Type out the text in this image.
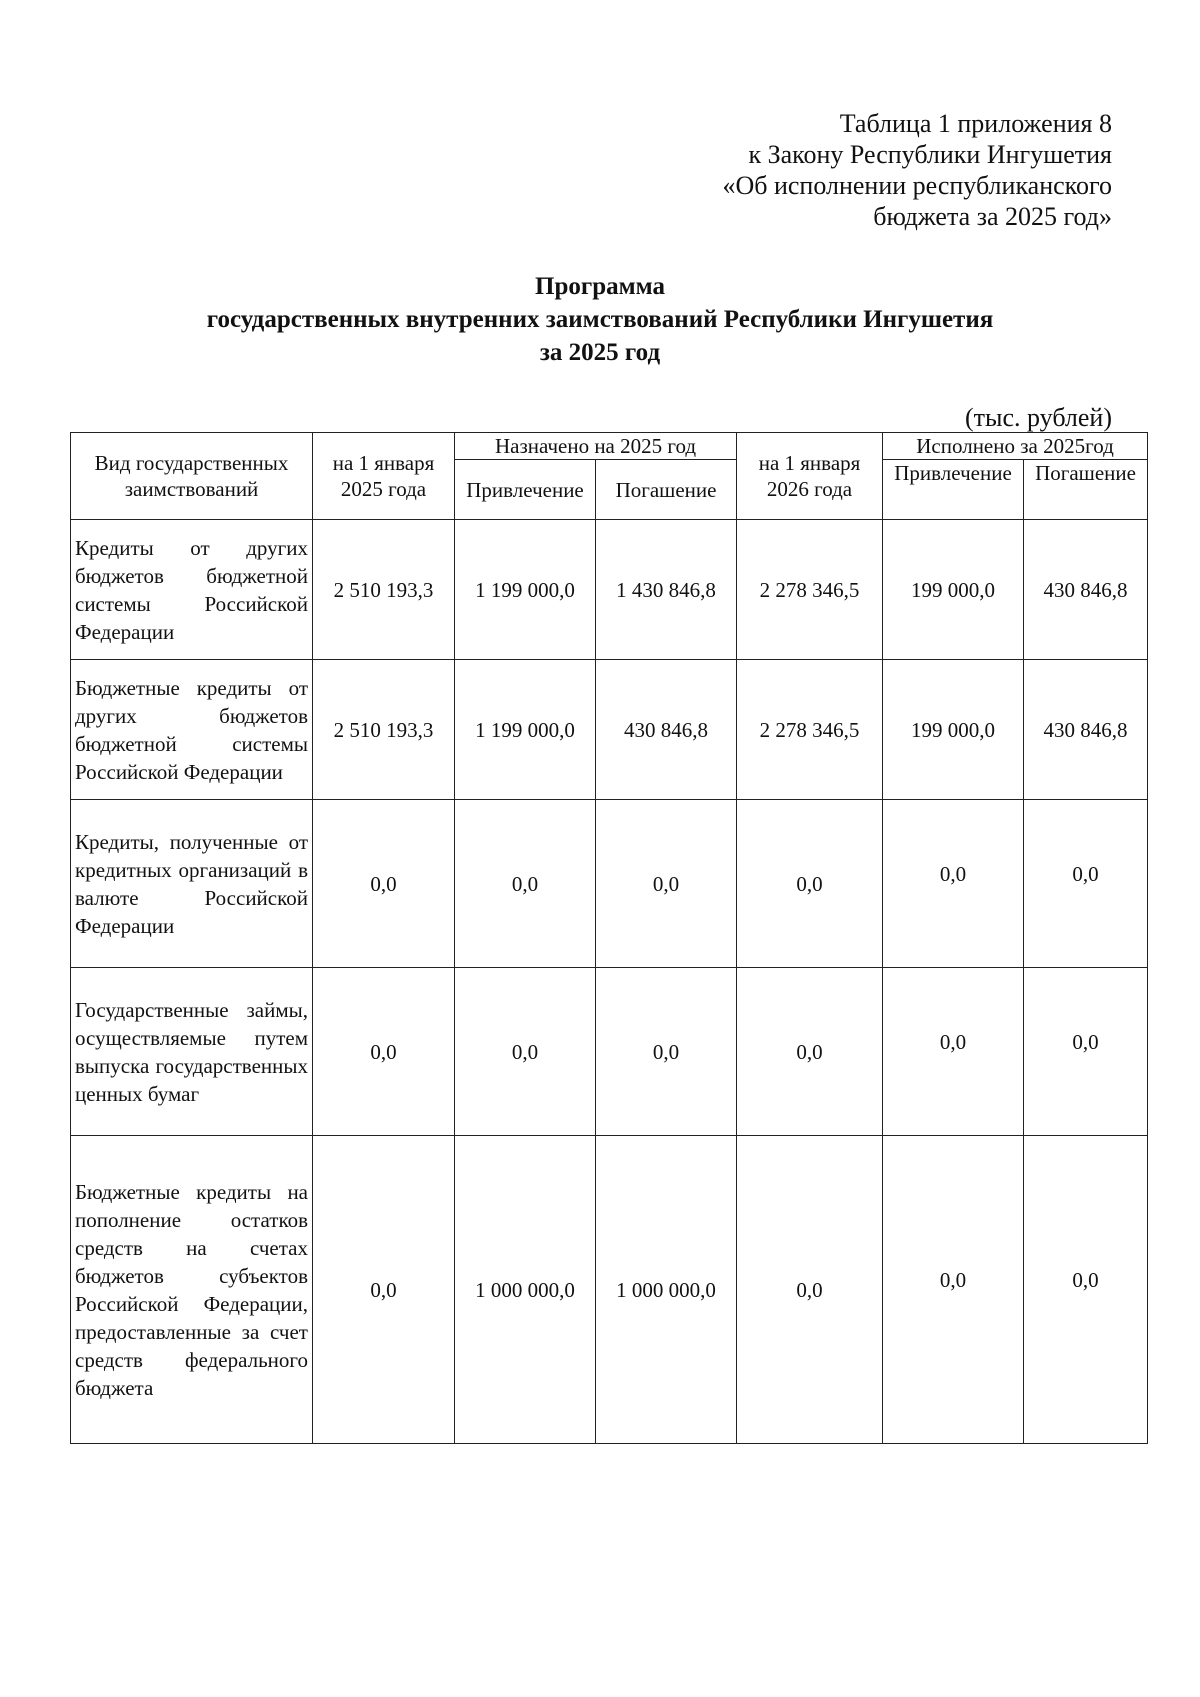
Таблица 1 приложения 8
к Закону Республики Ингушетия
«Об исполнении республиканского
бюджета за 2025 год»
Программа
государственных внутренних заимствований Республики Ингушетия
за 2025 год
(тыс. рублей)
Вид государственных заимствований	на 1 января 2025 года	Назначено на 2025 год		на 1 января 2026 года	Исполнено за 2025год	
		Привлечение	Погашение		Привлечение	Погашение
Кредиты от других бюджетов бюджетной системы Российской Федерации	2 510 193,3	1 199 000,0	1 430 846,8	2 278 346,5	199 000,0	430 846,8
Бюджетные кредиты от других бюджетов бюджетной системы Российской Федерации	2 510 193,3	1 199 000,0	430 846,8	2 278 346,5	199 000,0	430 846,8
Кредиты, полученные от кредитных организаций в валюте Российской Федерации	0,0	0,0	0,0	0,0	0,0	0,0

Государственные займы, осуществляемые путем выпуска государственных ценных бумаг	0,0	0,0	0,0	0,0	0,0	0,0

Бюджетные кредиты на пополнение остатков средств на счетах бюджетов субъектов Российской Федерации, предоставленные за счет средств федерального бюджета	0,0	1 000 000,0	1 000 000,0	0,0	0,0	0,0
